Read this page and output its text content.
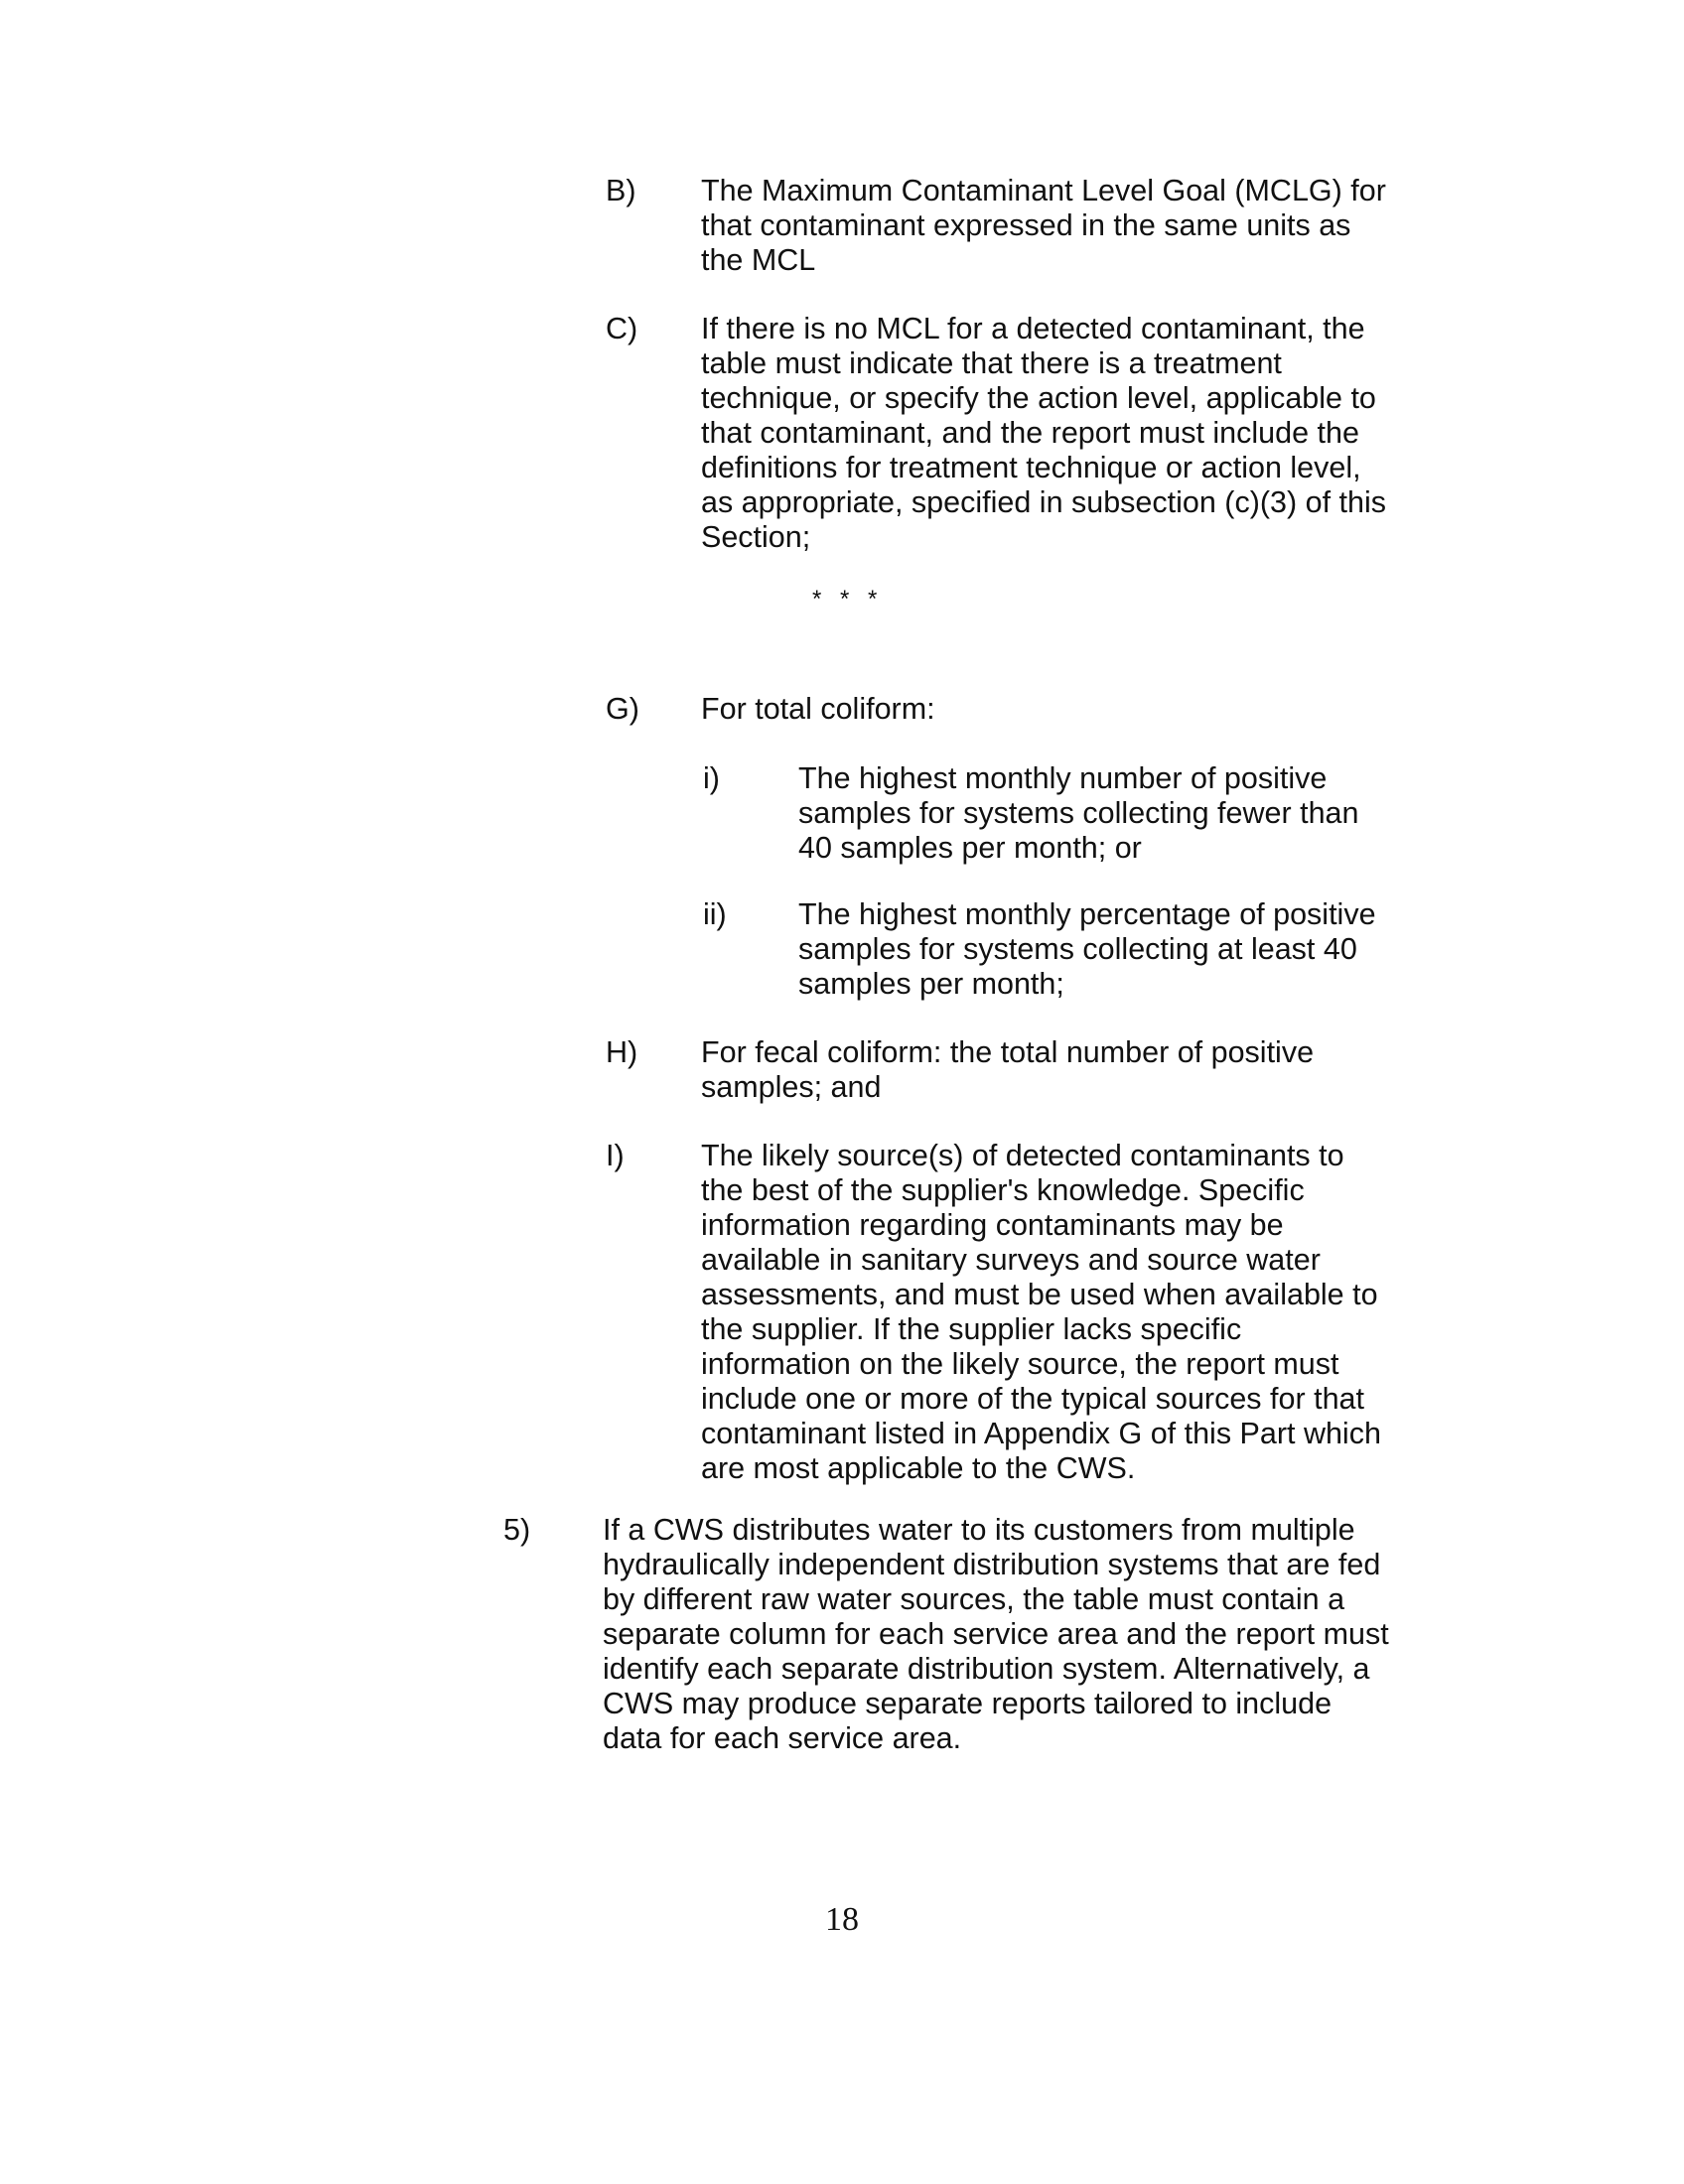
B) The Maximum Contaminant Level Goal (MCLG) for
that contaminant expressed in the same units as
the MCL
C) If there is no MCL for a detected contaminant, the
table must indicate that there is a treatment
technique, or specify the action level, applicable to
that contaminant, and the report must include the
definitions for treatment technique or action level,
as appropriate, specified in subsection (c)(3) of this
Section;
* * *
G) For total coliform:
i)	The highest monthly number of positive
samples for systems collecting fewer than
40 samples per month; or
ii) The highest monthly percentage of positive
samples for systems collecting at least 40
samples per month;
H) For fecal coliform: the total number of positive
samples; and
I)	The likely source(s) of detected contaminants to
the best of the supplier's knowledge. Specific
information regarding contaminants may be
available in sanitary surveys and source water
assessments, and must be used when available to
the supplier. If the supplier lacks specific
information on the likely source, the report must
include one or more of the typical sources for that
contaminant listed in Appendix G of this Part which
are most applicable to the CWS.
5) If a CWS distributes water to its customers from multiple
hydraulically independent distribution systems that are fed
by different raw water sources, the table must contain a
separate column for each service area and the report must
identify each separate distribution system. Alternatively, a
CWS may produce separate reports tailored to include
data for each service area.
18
